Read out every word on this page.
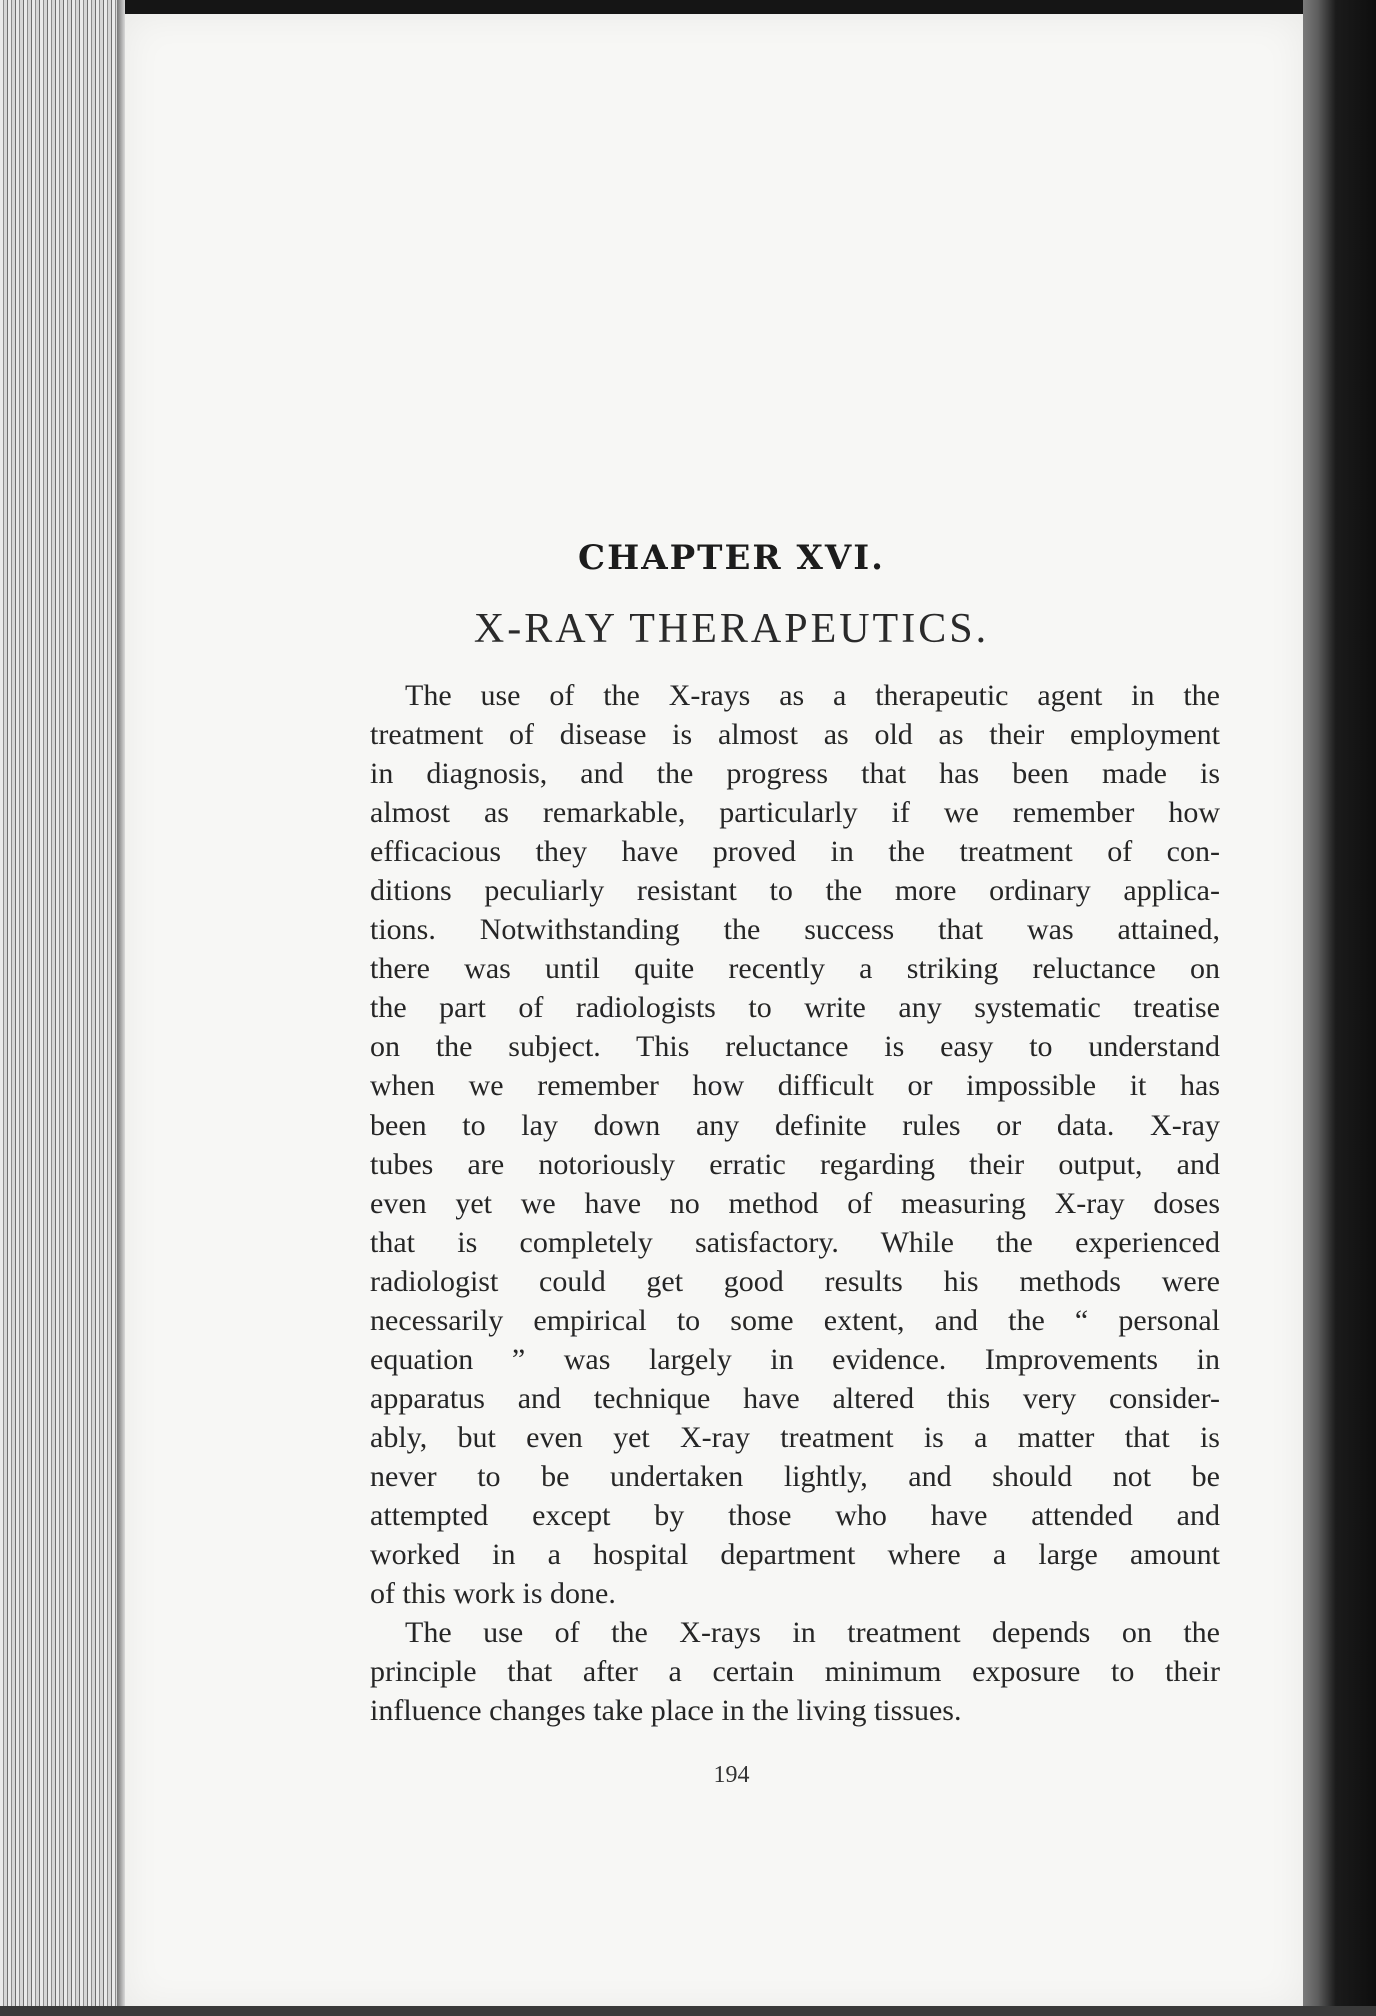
CHAPTER XVI.
X-RAY THERAPEUTICS.
The use of the X-rays as a therapeutic agent in the
treatment of disease is almost as old as their employment
in diagnosis, and the progress that has been made is
almost as remarkable, particularly if we remember how
efficacious they have proved in the treatment of con-
ditions peculiarly resistant to the more ordinary applica-
tions. Notwithstanding the success that was attained,
there was until quite recently a striking reluctance on
the part of radiologists to write any systematic treatise
on the subject. This reluctance is easy to understand
when we remember how difficult or impossible it has
been to lay down any definite rules or data. X-ray
tubes are notoriously erratic regarding their output, and
even yet we have no method of measuring X-ray doses
that is completely satisfactory. While the experienced
radiologist could get good results his methods were
necessarily empirical to some extent, and the “ personal
equation ” was largely in evidence. Improvements in
apparatus and technique have altered this very consider-
ably, but even yet X-ray treatment is a matter that is
never to be undertaken lightly, and should not be
attempted except by those who have attended and
worked in a hospital department where a large amount
of this work is done.
The use of the X-rays in treatment depends on the
principle that after a certain minimum exposure to their
influence changes take place in the living tissues.
194
